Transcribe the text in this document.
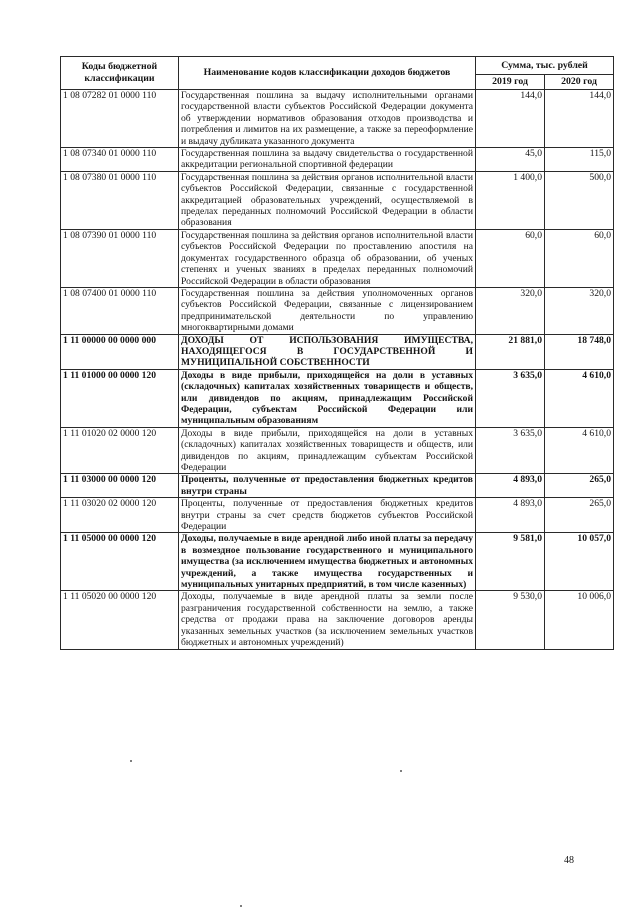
Коды бюджетной классификации	Наименование кодов классификации доходов бюджетов	Сумма, тыс. рублей	
		2019 год	2020 год
1 08 07282 01 0000 110	Государственная пошлина за выдачу исполнительными органами государственной власти субъектов Российской Федерации документа об утверждении нормативов образования отходов производства и потребления и лимитов на их размещение, а также за переоформление и выдачу дубликата указанного документа	144,0	144,0
1 08 07340 01 0000 110	Государственная пошлина за выдачу свидетельства о государственной аккредитации региональной спортивной федерации	45,0	115,0
1 08 07380 01 0000 110	Государственная пошлина за действия органов исполнительной власти субъектов Российской Федерации, связанные с государственной аккредитацией образовательных учреждений, осуществляемой в пределах переданных полномочий Российской Федерации в области образования	1 400,0	500,0
1 08 07390 01 0000 110	Государственная пошлина за действия органов исполнительной власти субъектов Российской Федерации по проставлению апостиля на документах государственного образца об образовании, об ученых степенях и ученых званиях в пределах переданных полномочий Российской Федерации в области образования	60,0	60,0
1 08 07400 01 0000 110	Государственная пошлина за действия уполномоченных органов субъектов Российской Федерации, связанные с лицензированием предпринимательской деятельности по управлению многоквартирными домами	320,0	320,0
1 11 00000 00 0000 000	ДОХОДЫ ОТ ИСПОЛЬЗОВАНИЯ ИМУЩЕСТВА, НАХОДЯЩЕГОСЯ В ГОСУДАРСТВЕННОЙ И МУНИЦИПАЛЬНОЙ СОБСТВЕННОСТИ	21 881,0	18 748,0
1 11 01000 00 0000 120	Доходы в виде прибыли, приходящейся на доли в уставных (складочных) капиталах хозяйственных товариществ и обществ, или дивидендов по акциям, принадлежащим Российской Федерации, субъектам Российской Федерации или муниципальным образованиям	3 635,0	4 610,0
1 11 01020 02 0000 120	Доходы в виде прибыли, приходящейся на доли в уставных (складочных) капиталах хозяйственных товариществ и обществ, или дивидендов по акциям, принадлежащим субъектам Российской Федерации	3 635,0	4 610,0
1 11 03000 00 0000 120	Проценты, полученные от предоставления бюджетных кредитов внутри страны	4 893,0	265,0
1 11 03020 02 0000 120	Проценты, полученные от предоставления бюджетных кредитов внутри страны за счет средств бюджетов субъектов Российской Федерации	4 893,0	265,0
1 11 05000 00 0000 120	Доходы, получаемые в виде арендной либо иной платы за передачу в возмездное пользование государственного и муниципального имущества (за исключением имущества бюджетных и автономных учреждений, а также имущества государственных и муниципальных унитарных предприятий, в том числе казенных)	9 581,0	10 057,0
1 11 05020 00 0000 120	Доходы, получаемые в виде арендной платы за земли после разграничения государственной собственности на землю, а также средства от продажи права на заключение договоров аренды указанных земельных участков (за исключением земельных участков бюджетных и автономных учреждений)	9 530,0	10 006,0
48
